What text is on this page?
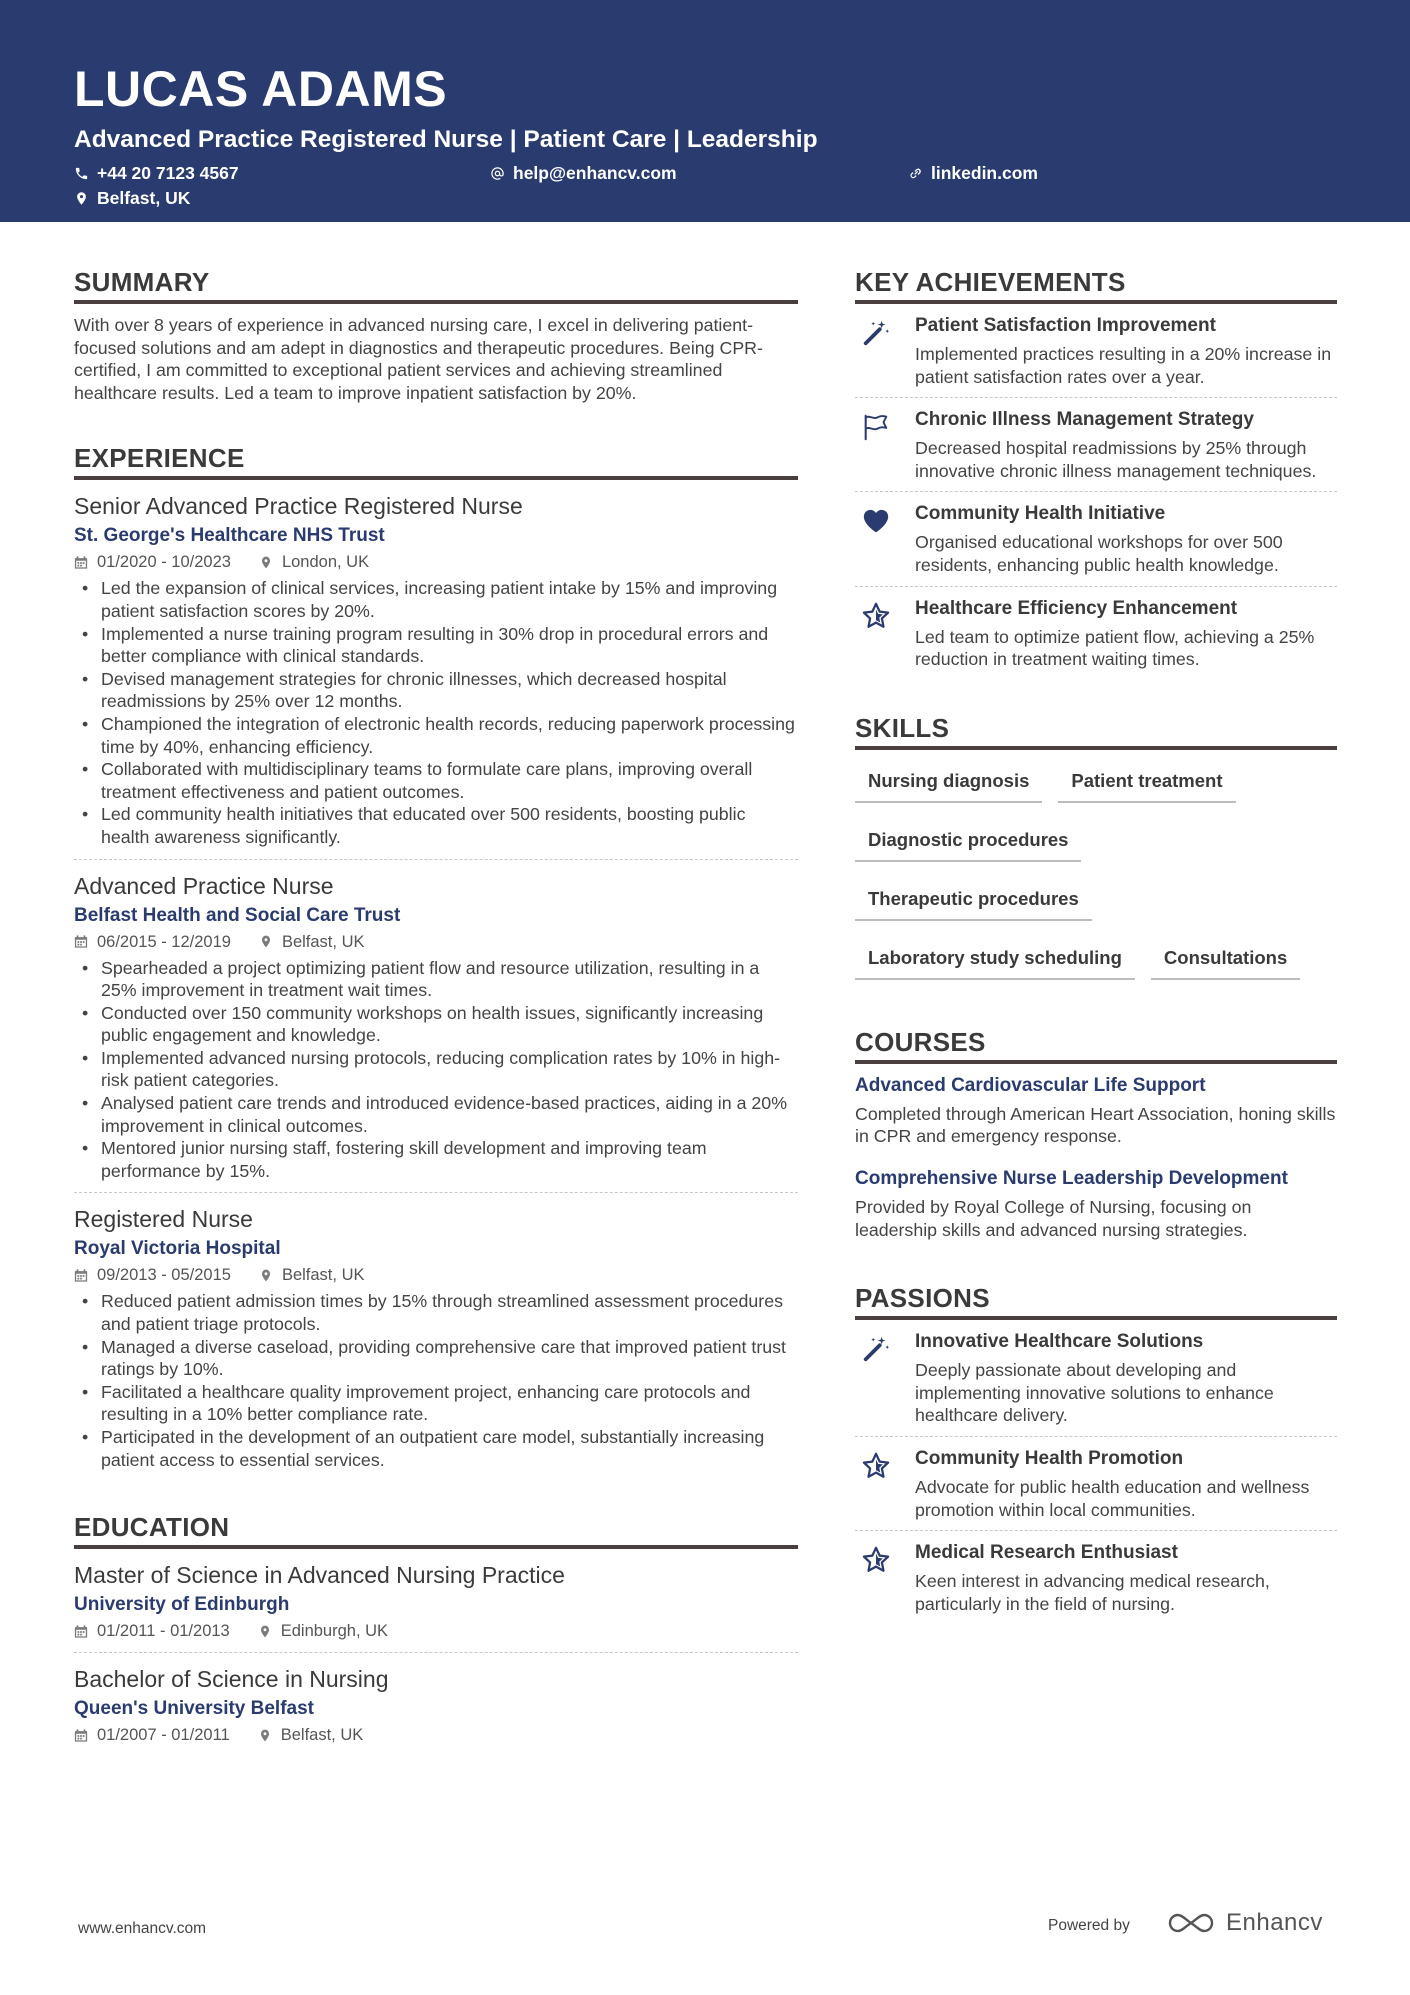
LUCAS ADAMS
Advanced Practice Registered Nurse | Patient Care | Leadership
+44 20 7123 4567	help@enhancv.com	linkedin.com
Belfast, UK
SUMMARY

With over 8 years of experience in advanced nursing care, I excel in delivering patient-focused solutions and am adept in diagnostics and therapeutic procedures. Being CPR-certified, I am committed to exceptional patient services and achieving streamlined healthcare results. Led a team to improve inpatient satisfaction by 20%.

EXPERIENCE
Senior Advanced Practice Registered Nurse
St. George's Healthcare NHS Trust
01/2020 - 10/2023	London, UK
• Led the expansion of clinical services, increasing patient intake by 15% and improving patient satisfaction scores by 20%.
• Implemented a nurse training program resulting in 30% drop in procedural errors and better compliance with clinical standards.
• Devised management strategies for chronic illnesses, which decreased hospital readmissions by 25% over 12 months.
• Championed the integration of electronic health records, reducing paperwork processing time by 40%, enhancing efficiency.
• Collaborated with multidisciplinary teams to formulate care plans, improving overall treatment effectiveness and patient outcomes.
• Led community health initiatives that educated over 500 residents, boosting public health awareness significantly.
Advanced Practice Nurse
Belfast Health and Social Care Trust
06/2015 - 12/2019	Belfast, UK
• Spearheaded a project optimizing patient flow and resource utilization, resulting in a 25% improvement in treatment wait times.
• Conducted over 150 community workshops on health issues, significantly increasing public engagement and knowledge.
• Implemented advanced nursing protocols, reducing complication rates by 10% in high-risk patient categories.
• Analysed patient care trends and introduced evidence-based practices, aiding in a 20% improvement in clinical outcomes.
• Mentored junior nursing staff, fostering skill development and improving team performance by 15%.
Registered Nurse
Royal Victoria Hospital
09/2013 - 05/2015	Belfast, UK
• Reduced patient admission times by 15% through streamlined assessment procedures and patient triage protocols.
• Managed a diverse caseload, providing comprehensive care that improved patient trust ratings by 10%.
• Facilitated a healthcare quality improvement project, enhancing care protocols and resulting in a 10% better compliance rate.
• Participated in the development of an outpatient care model, substantially increasing patient access to essential services.
EDUCATION
Master of Science in Advanced Nursing Practice
University of Edinburgh
01/2011 - 01/2013	Edinburgh, UK
Bachelor of Science in Nursing
Queen's University Belfast
01/2007 - 01/2011	Belfast, UK
KEY ACHIEVEMENTS
Patient Satisfaction Improvement
Implemented practices resulting in a 20% increase in patient satisfaction rates over a year.
Chronic Illness Management Strategy
Decreased hospital readmissions by 25% through innovative chronic illness management techniques.
Community Health Initiative
Organised educational workshops for over 500 residents, enhancing public health knowledge.
Healthcare Efficiency Enhancement
Led team to optimize patient flow, achieving a 25% reduction in treatment waiting times.
SKILLS
Nursing diagnosis	Patient treatment
Diagnostic procedures
Therapeutic procedures
Laboratory study scheduling	Consultations
COURSES
Advanced Cardiovascular Life Support
Completed through American Heart Association, honing skills in CPR and emergency response.
Comprehensive Nurse Leadership Development
Provided by Royal College of Nursing, focusing on leadership skills and advanced nursing strategies.
PASSIONS
Innovative Healthcare Solutions
Deeply passionate about developing and implementing innovative solutions to enhance healthcare delivery.
Community Health Promotion
Advocate for public health education and wellness promotion within local communities.
Medical Research Enthusiast
Keen interest in advancing medical research, particularly in the field of nursing.
www.enhancv.com	Powered by	Enhancv
